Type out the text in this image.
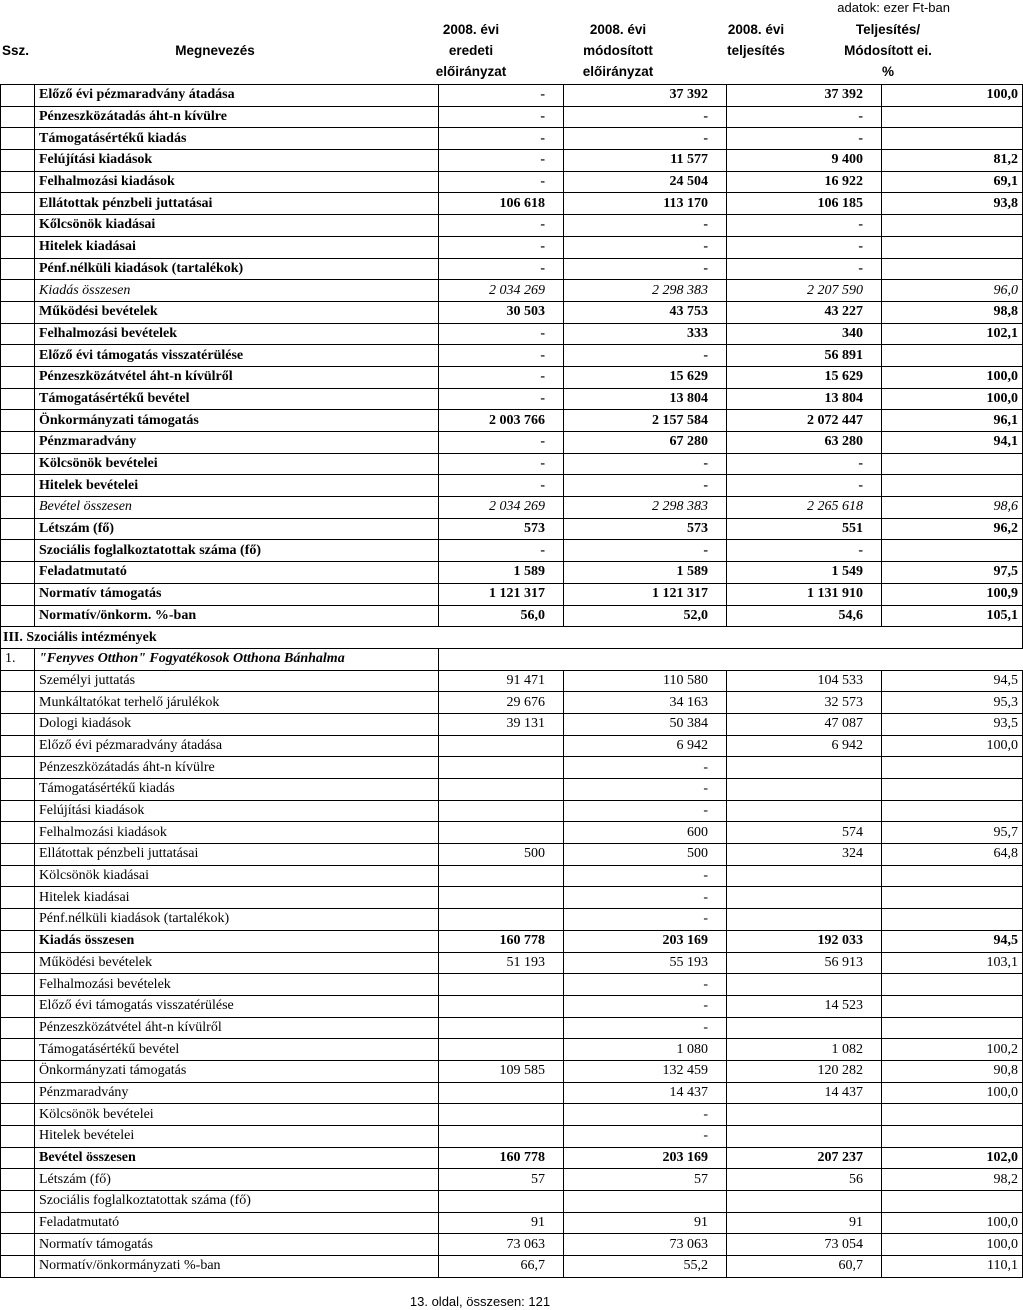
adatok: ezer Ft-ban
Ssz.	Megnevezés
2008. évi
eredeti
előirányzat
2008. évi
módosított
előirányzat
2008. évi
teljesítés
Teljesítés/
Módosított ei.
%
	Előző évi pézmaradvány átadása	-	37 392	37 392	100,0
	Pénzeszközátadás áht-n kívülre	-	-	-	
	Támogatásértékű kiadás	-	-	-	
	Felújítási kiadások	-	11 577	9 400	81,2
	Felhalmozási kiadások	-	24 504	16 922	69,1
	Ellátottak pénzbeli juttatásai	106 618	113 170	106 185	93,8
	Kőlcsönök kiadásai	-	-	-	
	Hitelek kiadásai	-	-	-	
	Pénf.nélküli kiadások (tartalékok)	-	-	-	
	Kiadás összesen	2 034 269	2 298 383	2 207 590	96,0
	Működési bevételek	30 503	43 753	43 227	98,8
	Felhalmozási bevételek	-	333	340	102,1
	Előző évi támogatás visszatérülése	-	-	56 891	
	Pénzeszközátvétel áht-n kívülről	-	15 629	15 629	100,0
	Támogatásértékű bevétel	-	13 804	13 804	100,0
	Önkormányzati támogatás	2 003 766	2 157 584	2 072 447	96,1
	Pénzmaradvány	-	67 280	63 280	94,1
	Kölcsönök bevételei	-	-	-	
	Hitelek bevételei	-	-	-	
	Bevétel összesen	2 034 269	2 298 383	2 265 618	98,6
	Létszám (fő)	573	573	551	96,2
	Szociális foglalkoztatottak száma (fő)	-	-	-	
	Feladatmutató	1 589	1 589	1 549	97,5
	Normatív támogatás	1 121 317	1 121 317	1 131 910	100,9
	Normatív/önkorm. %-ban	56,0	52,0	54,6	105,1
III. Szociális intézmények					
1.	"Fenyves Otthon" Fogyatékosok Otthona Bánhalma				
	Személyi juttatás	91 471	110 580	104 533	94,5
	Munkáltatókat terhelő járulékok	29 676	34 163	32 573	95,3
	Dologi kiadások	39 131	50 384	47 087	93,5
	Előző évi pézmaradvány átadása		6 942	6 942	100,0
	Pénzeszközátadás áht-n kívülre		-		
	Támogatásértékű kiadás		-		
	Felújítási kiadások		-		
	Felhalmozási kiadások		600	574	95,7
	Ellátottak pénzbeli juttatásai	500	500	324	64,8
	Kölcsönök kiadásai		-		
	Hitelek kiadásai		-		
	Pénf.nélküli kiadások (tartalékok)		-		
	Kiadás összesen	160 778	203 169	192 033	94,5
	Működési bevételek	51 193	55 193	56 913	103,1
	Felhalmozási bevételek		-		
	Előző évi támogatás visszatérülése		-	14 523	
	Pénzeszközátvétel áht-n kívülről		-		
	Támogatásértékű bevétel		1 080	1 082	100,2
	Önkormányzati támogatás	109 585	132 459	120 282	90,8
	Pénzmaradvány		14 437	14 437	100,0
	Kölcsönök bevételei		-		
	Hitelek bevételei		-		
	Bevétel összesen	160 778	203 169	207 237	102,0
	Létszám (fő)	57	57	56	98,2
	Szociális foglalkoztatottak száma (fő)				
	Feladatmutató	91	91	91	100,0
	Normatív támogatás	73 063	73 063	73 054	100,0
	Normatív/önkormányzati %-ban	66,7	55,2	60,7	110,1
13. oldal, összesen: 121
